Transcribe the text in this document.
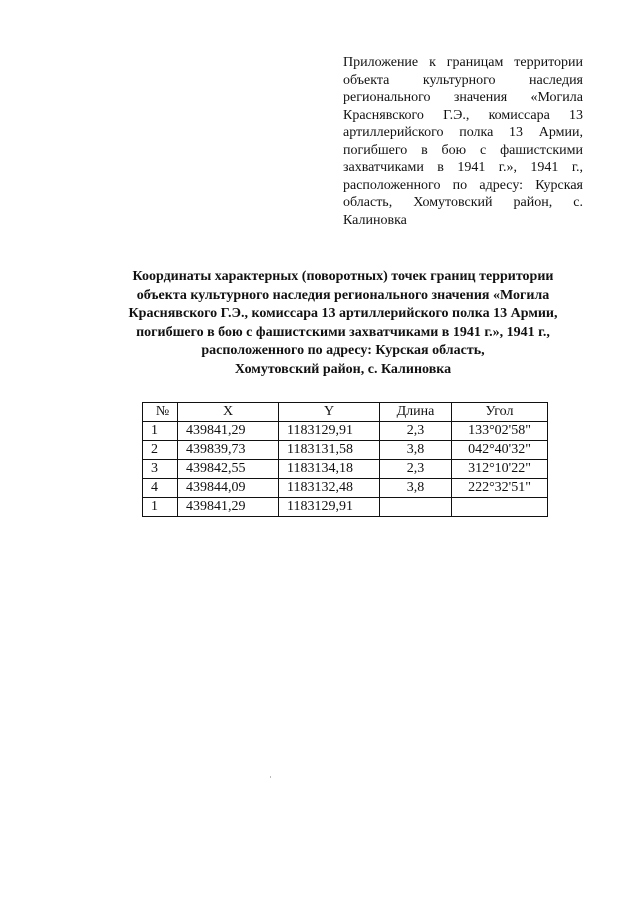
Приложение к границам территории объекта культурного наследия регионального значения «Могила Краснявского Г.Э., комиссара 13 артиллерийского полка 13 Армии, погибшего в бою с фашистскими захватчиками в 1941 г.», 1941 г., расположенного по адресу: Курская область, Хомутовский район, с. Калиновка
Координаты характерных (поворотных) точек границ территории
объекта культурного наследия регионального значения «Могила
Краснявского Г.Э., комиссара 13 артиллерийского полка 13 Армии,
погибшего в бою с фашистскими захватчиками в 1941 г.», 1941 г.,
расположенного по адресу: Курская область,
Хомутовский район, с. Калиновка
№	X	Y	Длина	Угол
1	439841,29	1183129,91	2,3	133°02'58"
2	439839,73	1183131,58	3,8	042°40'32"
3	439842,55	1183134,18	2,3	312°10'22"
4	439844,09	1183132,48	3,8	222°32'51"
1	439841,29	1183129,91		
